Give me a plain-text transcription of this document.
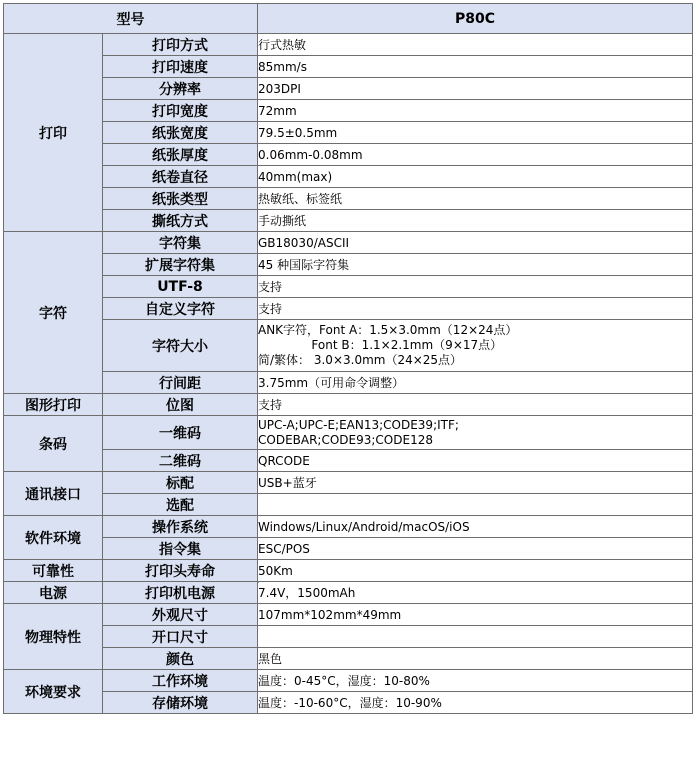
型号		P80C
打印	打印方式	行式热敏
	打印速度	85mm/s
	分辨率	203DPI
	打印宽度	72mm
	纸张宽度	79.5±0.5mm
	纸张厚度	0.06mm-0.08mm
	纸卷直径	40mm(max)
	纸张类型	热敏纸、标签纸
	撕纸方式	手动撕纸
字符	字符集	GB18030/ASCII
	扩展字符集	45 种国际字符集
	UTF-8	支持
	自定义字符	支持
	字符大小	ANK字符，Font A：1.5×3.0mm（12×24点）
Font B：1.1×2.1mm（9×17点）
简/繁体： 3.0×3.0mm（24×25点）

	行间距	3.75mm（可用命令调整）
图形打印	位图	支持
条码	一维码	UPC-A;UPC-E;EAN13;CODE39;ITF;
CODEBAR;CODE93;CODE128

	二维码	QRCODE
通讯接口	标配	USB+蓝牙
	选配	
软件环境	操作系统	Windows/Linux/Android/macOS/iOS
	指令集	ESC/POS
可靠性	打印头寿命	50Km
电源	打印机电源	7.4V，1500mAh
物理特性	外观尺寸	107mm*102mm*49mm
	开口尺寸	
	颜色	黑色
环境要求	工作环境	温度：0-45°C，湿度：10-80%
	存储环境	温度：-10-60°C，湿度：10-90%
